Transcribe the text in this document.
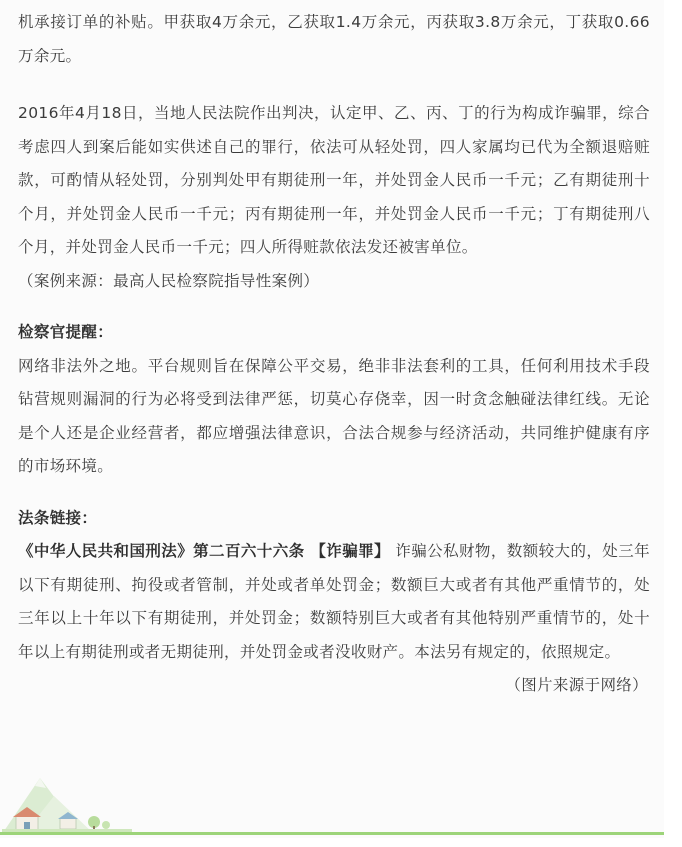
机承接订单的补贴。甲获取4万余元，乙获取1.4万余元，丙获取3.8万余元，丁获取0.66万余元。

2016年4月18日，当地人民法院作出判决，认定甲、乙、丙、丁的行为构成诈骗罪，综合考虑四人到案后能如实供述自己的罪行，依法可从轻处罚，四人家属均已代为全额退赔赃款，可酌情从轻处罚，分别判处甲有期徒刑一年，并处罚金人民币一千元；乙有期徒刑十个月，并处罚金人民币一千元；丙有期徒刑一年，并处罚金人民币一千元；丁有期徒刑八个月，并处罚金人民币一千元；四人所得赃款依法发还被害单位。

（案例来源：最高人民检察院指导性案例）

检察官提醒：

网络非法外之地。平台规则旨在保障公平交易，绝非非法套利的工具，任何利用技术手段钻营规则漏洞的行为必将受到法律严惩，切莫心存侥幸，因一时贪念触碰法律红线。无论是个人还是企业经营者，都应增强法律意识，合法合规参与经济活动，共同维护健康有序的市场环境。

法条链接：

《中华人民共和国刑法》第二百六十六条 【诈骗罪】 诈骗公私财物，数额较大的，处三年以下有期徒刑、拘役或者管制，并处或者单处罚金；数额巨大或者有其他严重情节的，处三年以上十年以下有期徒刑，并处罚金；数额特别巨大或者有其他特别严重情节的，处十年以上有期徒刑或者无期徒刑，并处罚金或者没收财产。本法另有规定的，依照规定。

（图片来源于网络）
